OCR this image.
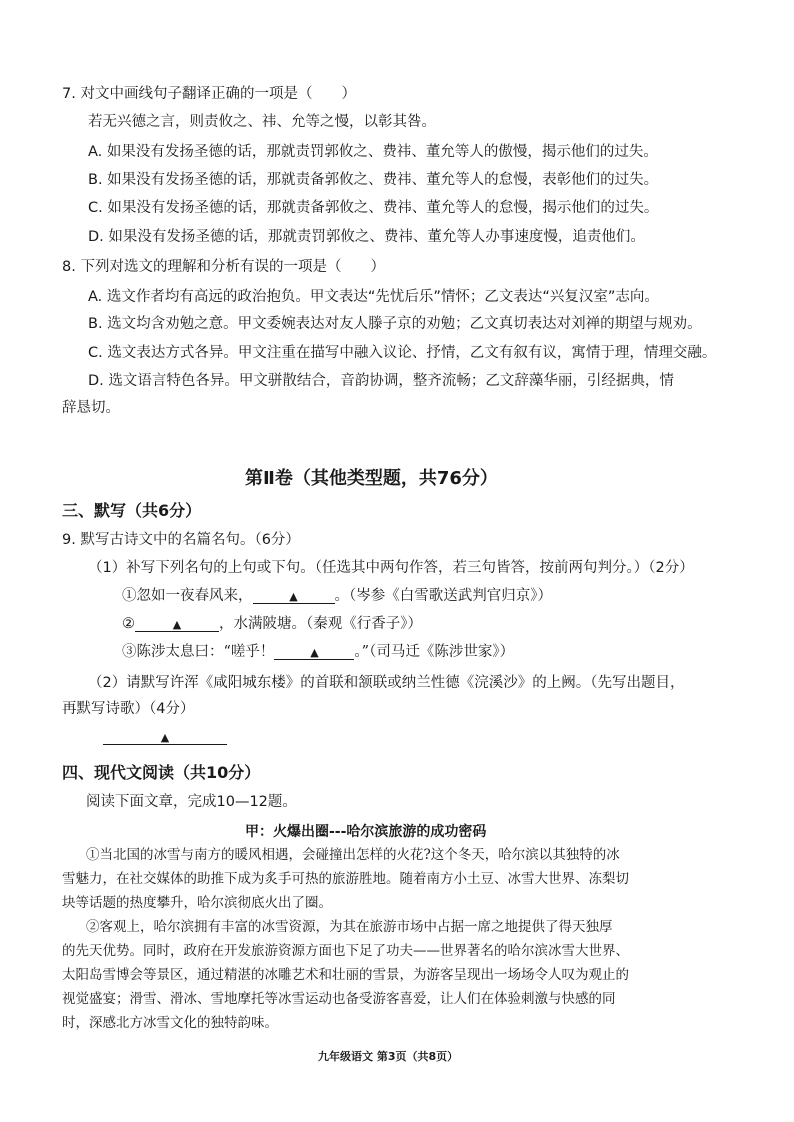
7. 对文中画线句子翻译正确的一项是（　　）
若无兴德之言，则责攸之、祎、允等之慢，以彰其咎。
A. 如果没有发扬圣德的话，那就责罚郭攸之、费祎、董允等人的傲慢，揭示他们的过失。
B. 如果没有发扬圣德的话，那就责备郭攸之、费祎、董允等人的怠慢，表彰他们的过失。
C. 如果没有发扬圣德的话，那就责备郭攸之、费祎、董允等人的怠慢，揭示他们的过失。
D. 如果没有发扬圣德的话，那就责罚郭攸之、费祎、董允等人办事速度慢，追责他们。
8. 下列对选文的理解和分析有误的一项是（　　）
A. 选文作者均有高远的政治抱负。甲文表达“先忧后乐”情怀；乙文表达“兴复汉室”志向。
B. 选文均含劝勉之意。甲文委婉表达对友人滕子京的劝勉；乙文真切表达对刘禅的期望与规劝。
C. 选文表达方式各异。甲文注重在描写中融入议论、抒情，乙文有叙有议，寓情于理，情理交融。
D. 选文语言特色各异。甲文骈散结合，音韵协调，整齐流畅；乙文辞藻华丽，引经据典，情
辞恳切。
第Ⅱ卷（其他类型题，共76分）
三、默写（共6分）
9. 默写古诗文中的名篇名句。（6分）
（1）补写下列名句的上句或下句。（任选其中两句作答，若三句皆答，按前两句判分。）（2分）
①忽如一夜春风来，	▲	。（岑参《白雪歌送武判官归京》）
②	▲	，水满陂塘。（秦观《行香子》）
③陈涉太息曰：“嗟乎！	▲ 。”（司马迁《陈涉世家》）
（2）请默写许浑《咸阳城东楼》的首联和颔联或纳兰性德《浣溪沙》的上阙。（先写出题目，
再默写诗歌）（4分）
▲
四、现代文阅读（共10分）
阅读下面文章，完成10—12题。
甲：火爆出圈---哈尔滨旅游的成功密码
①当北国的冰雪与南方的暖风相遇，会碰撞出怎样的火花?这个冬天，哈尔滨以其独特的冰
雪魅力，在社交媒体的助推下成为炙手可热的旅游胜地。随着南方小土豆、冰雪大世界、冻梨切
块等话题的热度攀升，哈尔滨彻底火出了圈。
②客观上，哈尔滨拥有丰富的冰雪资源，为其在旅游市场中占据一席之地提供了得天独厚
的先天优势。同时，政府在开发旅游资源方面也下足了功夫——世界著名的哈尔滨冰雪大世界、
太阳岛雪博会等景区，通过精湛的冰雕艺术和壮丽的雪景，为游客呈现出一场场令人叹为观止的
视觉盛宴；滑雪、滑冰、雪地摩托等冰雪运动也备受游客喜爱，让人们在体验刺激与快感的同
时，深感北方冰雪文化的独特韵味。
九年级语文 第3页（共8页）
